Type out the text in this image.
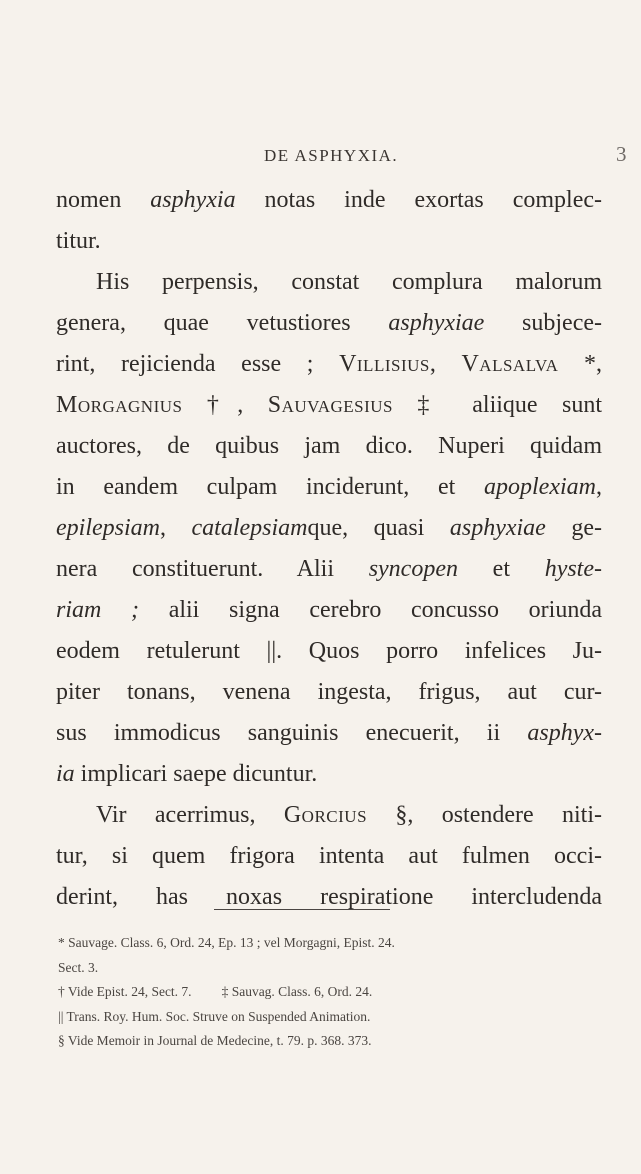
DE ASPHYXIA.	3
nomen asphyxia notas inde exortas complec-
titur.
His perpensis, constat complura malorum
genera, quae vetustiores asphyxiae subjece-
rint, rejicienda esse ; Villisius, Valsalva *,
Morgagnius †, Sauvagesius ‡ aliique sunt
auctores, de quibus jam dico. Nuperi quidam
in eandem culpam inciderunt, et apoplexiam,
epilepsiam, catalepsiamque, quasi asphyxiae ge-
nera constituerunt. Alii syncopen et hyste-
riam ; alii signa cerebro concusso oriunda
eodem retulerunt ||. Quos porro infelices Ju-
piter tonans, venena ingesta, frigus, aut cur-
sus immodicus sanguinis enecuerit, ii asphyx-
ia implicari saepe dicuntur.
Vir acerrimus, Gorcius §, ostendere niti-
tur, si quem frigora intenta aut fulmen occi-
derint, has noxas respiratione intercludenda
* Sauvage. Class. 6, Ord. 24, Ep. 13 ; vel Morgagni, Epist. 24.
Sect. 3.
† Vide Epist. 24, Sect. 7. ‡ Sauvag. Class. 6, Ord. 24.
|| Trans. Roy. Hum. Soc. Struve on Suspended Animation.
§ Vide Memoir in Journal de Medecine, t. 79. p. 368. 373.
